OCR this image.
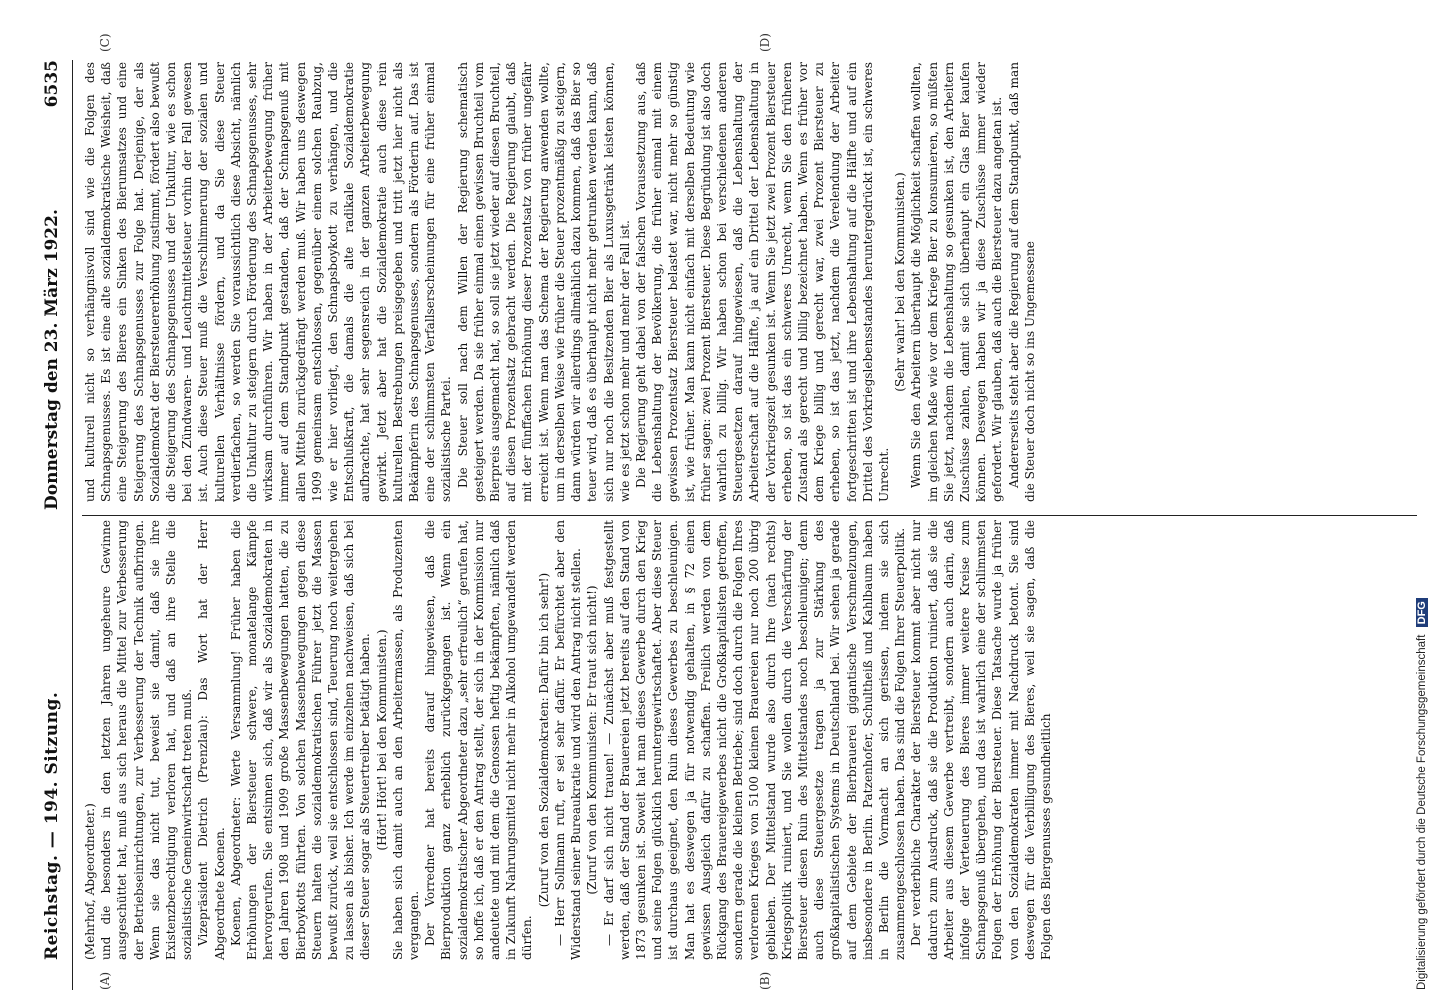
Reichstag. — 194. Sitzung.
Donnerstag den 23. März 1922.
6535
(A)	(B)

(Mehrhof, Abgeordneter.) und die besonders in den letzten Jahren ungeheure Gewinne ausgeschüttet hat, muß aus sich heraus die Mittel zur Verbesserung der Betriebseinrichtungen, zur Verbesserung der Technik aufbringen. Wenn sie das nicht tut, beweist sie damit, daß sie ihre Existenzberechtigung verloren hat, und daß an ihre Stelle die sozialistische Gemeinwirtschaft treten muß. Vizepräsident Dietrich (Prenzlau): Das Wort hat der Herr Abgeordnete Koenen. Koenen, Abgeordneter: Werte Versammlung! Früher haben die Erhöhungen der Biersteuer schwere, monatelange Kämpfe hervorgerufen. Sie entsinnen sich, daß wir als Sozialdemokraten in den Jahren 1908 und 1909 große Massenbewegungen hatten, die zu Bierboykotts führten. Von solchen Massenbewegungen gegen diese Steuern halten die sozialdemokratischen Führer jetzt die Massen bewußt zurück, weil sie entschlossen sind, Teuerung noch weitergehen zu lassen als bisher. Ich werde im einzelnen nachweisen, daß sich bei dieser Steuer sogar als Steuertreiber betätigt haben. (Hört! Hört! bei den Kommunisten.) Sie haben sich damit auch an den Arbeitermassen, als Produzenten vergangen. Der Vorredner hat bereits darauf hingewiesen, daß die Bierproduktion ganz erheblich zurückgegangen ist. Wenn ein sozialdemokratischer Abgeordneter dazu „sehr erfreulich“ gerufen hat, so hoffe ich, daß er den Antrag stellt, der sich in der Kommission nur andeutete und mit dem die Genossen heftig bekämpften, nämlich daß in Zukunft Nahrungsmittel nicht mehr in Alkohol umgewandelt werden dürfen.

(Zuruf von den Sozialdemokraten: Dafür bin ich sehr!) — Herr Sollmann ruft, er sei sehr dafür. Er befürchtet aber den Widerstand seiner Bureaukratie und wird den Antrag nicht stellen. (Zuruf von den Kommunisten: Er traut sich nicht!) — Er darf sich nicht trauen! — Zunächst aber muß festgestellt werden, daß der Stand der Brauereien jetzt bereits auf den Stand von 1873 gesunken ist. Soweit hat man dieses Gewerbe durch den Krieg und seine Folgen glücklich heruntergewirtschaftet. Aber diese Steuer ist durchaus geeignet, den Ruin dieses Gewerbes zu beschleunigen. Man hat es deswegen ja für notwendig gehalten, in § 72 einen gewissen Ausgleich dafür zu schaffen. Freilich werden von dem Rückgang des Brauereigewerbes nicht die Großkapitalisten getroffen, sondern gerade die kleinen Betriebe; sind doch durch die Folgen Ihres verlorenen Krieges von 5100 kleinen Brauereien nur noch 200 übrig geblieben. Der Mittelstand wurde also durch Ihre (nach rechts) Kriegspolitik ruiniert, und Sie wollen durch die Verschärfung der Biersteuer diesen Ruin des Mittelstandes noch beschleunigen; denn auch diese Steuergesetze tragen ja zur Stärkung des großkapitalistischen Systems in Deutschland bei. Wir sehen ja gerade auf dem Gebiete der Bierbrauerei gigantische Verschmelzungen, insbesondere in Berlin. Patzenhofer, Schultheiß und Kahlbaum haben in Berlin die Vormacht an sich gerissen, indem sie sich zusammengeschlossen haben. Das sind die Folgen Ihrer Steuerpolitik. Der verderbliche Charakter der Biersteuer kommt aber nicht nur dadurch zum Ausdruck, daß sie die Produktion ruiniert, daß sie die Arbeiter aus diesem Gewerbe vertreibt, sondern auch darin, daß infolge der Verteuerung des Bieres immer weitere Kreise zum Schnapsgenuß übergehen, und das ist wahrlich eine der schlimmsten Folgen der Erhöhung der Biersteuer. Diese Tatsache wurde ja früher von den Sozialdemokraten immer mit Nachdruck betont. Sie sind deswegen für die Verbilligung des Bieres, weil sie sagen, daß die Folgen des Biergenusses gesundheitlich

(C)	(D)

und kulturell nicht so verhängnisvoll sind wie die Folgen des Schnapsgenusses. Es ist eine alte sozialdemokratische Weisheit, daß eine Steigerung des Bieres ein Sinken des Bierumsatzes und eine Steigerung des Schnapsgenusses zur Folge hat. Derjenige, der als Sozialdemokrat der Biersteuererhöhung zustimmt, fördert also bewußt die Steigerung des Schnapsgenusses und der Unkultur, wie es schon bei den Zündwaren- und Leuchtmittelsteuer vorhin der Fall gewesen ist. Auch diese Steuer muß die Verschlimmerung der sozialen und kulturellen Verhältnisse fördern, und da Sie diese Steuer verdierfachen, so werden Sie voraussichtlich diese Absicht, nämlich die Unkultur zu steigern durch Förderung des Schnapsgenusses, sehr wirksam durchführen. Wir haben in der Arbeiterbewegung früher immer auf dem Standpunkt gestanden, daß der Schnapsgenuß mit allen Mitteln zurückgedrängt werden muß. Wir haben uns deswegen 1909 gemeinsam entschlossen, gegenüber einem solchen Raubzug, wie er hier vorliegt, den Schnapsboykott zu verhängen, und die Entschlußkraft, die damals die alte radikale Sozialdemokratie aufbrachte, hat sehr segensreich in der ganzen Arbeiterbewegung gewirkt. Jetzt aber hat die Sozialdemokratie auch diese rein kulturellen Bestrebungen preisgegeben und tritt jetzt hier nicht als Bekämpferin des Schnapsgenusses, sondern als Förderin auf. Das ist eine der schlimmsten Verfallserscheinungen für eine früher einmal sozialistische Partei. Die Steuer soll nach dem Willen der Regierung schematisch gesteigert werden. Da sie früher einmal einen gewissen Bruchteil vom Bierpreis ausgemacht hat, so soll sie jetzt wieder auf diesen Bruchteil, auf diesen Prozentsatz gebracht werden. Die Regierung glaubt, daß mit der fünffachen Erhöhung dieser Prozentsatz von früher ungefähr erreicht ist. Wenn man das Schema der Regierung anwenden wollte, um in derselben Weise wie früher die Steuer prozentmäßig zu steigern, dann würden wir allerdings allmählich dazu kommen, daß das Bier so teuer wird, daß es überhaupt nicht mehr getrunken werden kann, daß sich nur noch die Besitzenden Bier als Luxusgetränk leisten können, wie es jetzt schon mehr und mehr der Fall ist. Die Regierung geht dabei von der falschen Voraussetzung aus, daß die Lebenshaltung der Bevölkerung, die früher einmal mit einem gewissen Prozentsatz Biersteuer belastet war, nicht mehr so günstig ist, wie früher. Man kann nicht einfach mit derselben Bedeutung wie früher sagen: zwei Prozent Biersteuer. Diese Begründung ist also doch wahrlich zu billig. Wir haben schon bei verschiedenen anderen Steuergesetzen darauf hingewiesen, daß die Lebenshaltung der Arbeiterschaft auf die Hälfte, ja auf ein Drittel der Lebenshaltung in der Vorkriegszeit gesunken ist. Wenn Sie jetzt zwei Prozent Biersteuer erheben, so ist das ein schweres Unrecht, wenn Sie den früheren Zustand als gerecht und billig bezeichnet haben. Wenn es früher vor dem Kriege billig und gerecht war, zwei Prozent Biersteuer zu erheben, so ist das jetzt, nachdem die Verelendung der Arbeiter fortgeschritten ist und ihre Lebenshaltung auf die Hälfte und auf ein Drittel des Vorkriegslebensstandes heruntergedrückt ist, ein schweres Unrecht.

(Sehr wahr! bei den Kommunisten.) Wenn Sie den Arbeitern überhaupt die Möglichkeit schaffen wollten, im gleichen Maße wie vor dem Kriege Bier zu konsumieren, so müßten Sie jetzt, nachdem die Lebenshaltung so gesunken ist, den Arbeitern Zuschüsse zahlen, damit sie sich überhaupt ein Glas Bier kaufen können. Deswegen haben wir ja diese Zuschüsse immer wieder gefordert. Wir glauben, daß auch die Biersteuer dazu angetan ist. Andererseits steht aber die Regierung auf dem Standpunkt, daß man die Steuer doch nicht so ins Ungemessene

Digitalisierung gefördert durch die Deutsche Forschungsgemeinschaft DFG
